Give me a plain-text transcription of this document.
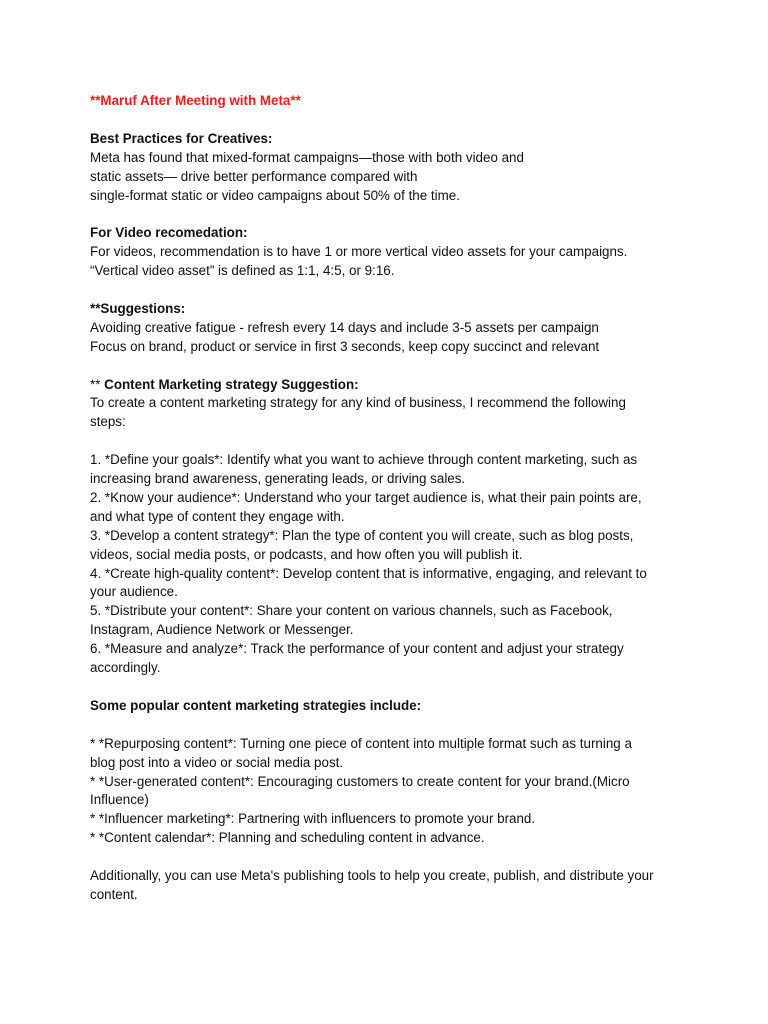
**Maruf After Meeting with Meta**
Best Practices for Creatives:
Meta has found that mixed-format campaigns—those with both video and
static assets— drive better performance compared with
single-format static or video campaigns about 50% of the time.
For Video recomedation:
For videos, recommendation is to have 1 or more vertical video assets for your campaigns.
“Vertical video asset” is defined as 1:1, 4:5, or 9:16.
**Suggestions:
Avoiding creative fatigue - refresh every 14 days and include 3-5 assets per campaign
Focus on brand, product or service in first 3 seconds, keep copy succinct and relevant
** Content Marketing strategy Suggestion:
To create a content marketing strategy for any kind of business, I recommend the following
steps:
1. *Define your goals*: Identify what you want to achieve through content marketing, such as
increasing brand awareness, generating leads, or driving sales.
2. *Know your audience*: Understand who your target audience is, what their pain points are,
and what type of content they engage with.
3. *Develop a content strategy*: Plan the type of content you will create, such as blog posts,
videos, social media posts, or podcasts, and how often you will publish it.
4. *Create high-quality content*: Develop content that is informative, engaging, and relevant to
your audience.
5. *Distribute your content*: Share your content on various channels, such as Facebook,
Instagram, Audience Network or Messenger.
6. *Measure and analyze*: Track the performance of your content and adjust your strategy
accordingly.
Some popular content marketing strategies include:
* *Repurposing content*: Turning one piece of content into multiple format such as turning a
blog post into a video or social media post.
* *User-generated content*: Encouraging customers to create content for your brand.(Micro
Influence)
* *Influencer marketing*: Partnering with influencers to promote your brand.
* *Content calendar*: Planning and scheduling content in advance.
Additionally, you can use Meta's publishing tools to help you create, publish, and distribute your
content.
